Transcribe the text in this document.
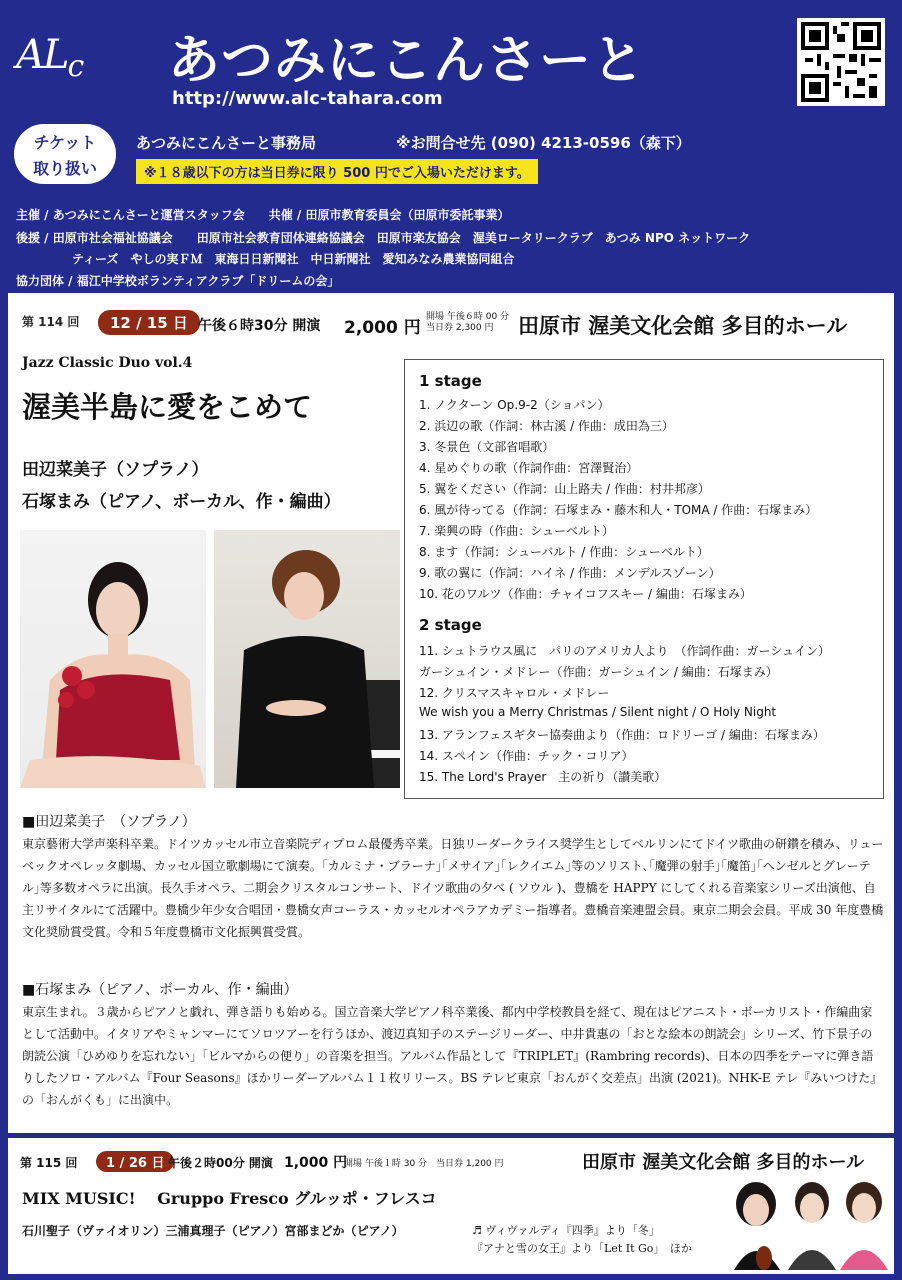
$AL_c$ あつみにこんさーと
http://www.alc-tahara.com
チケット
取り扱い
あつみにこんさーと事務局	※お問合せ先 (090) 4213-0596（森下）
※１８歳以下の方は当日券に限り 500 円でご入場いただけます。
主催 / あつみにこんさーと運営スタッフ会　　共催 / 田原市教育委員会（田原市委託事業）
後援 / 田原市社会福祉協議会　　田原市社会教育団体連絡協議会　田原市楽友協会　渥美ロータリークラブ　あつみ NPO ネットワーク
ティーズ　やしの実ＦＭ　東海日日新聞社　中日新聞社　愛知みなみ農業協同組合
協力団体 / 福江中学校ボランティアクラブ「ドリームの会」
第 114 回	12 / 15 日 午後６時30分 開演 2,000 円
開場 午後６時 00 分
当日券 2,300 円	田原市 渥美文化会館 多目的ホール
Jazz Classic Duo vol.4
渥美半島に愛をこめて
田辺菜美子（ソプラノ）
石塚まみ（ピアノ、ボーカル、作・編曲）
1 stage
1. ノクターン Op.9-2（ショパン）
2. 浜辺の歌（作詞：林古溪 / 作曲：成田為三）
3. 冬景色（文部省唱歌）
4. 星めぐりの歌（作詞作曲：宮澤賢治）
5. 翼をください（作詞：山上路夫 / 作曲：村井邦彦）
6. 風が待ってる（作詞：石塚まみ・藤木和人・TOMA / 作曲：石塚まみ）
7. 楽興の時（作曲：シューベルト）
8. ます（作詞：シューバルト / 作曲：シューベルト）
9. 歌の翼に（作詞：ハイネ / 作曲：メンデルスゾーン）
10. 花のワルツ（作曲：チャイコフスキー / 編曲：石塚まみ）
2 stage
11. シュトラウス風に　パリのアメリカ人より　（作詞作曲：ガーシュイン）
ガーシュイン・メドレー（作曲：ガーシュイン / 編曲：石塚まみ）
12. クリスマスキャロル・メドレー
We wish you a Merry Christmas / Silent night / O Holy Night
13. アランフェスギター協奏曲より（作曲：ロドリーゴ / 編曲：石塚まみ）
14. スペイン（作曲：チック・コリア）
15. The Lord's Prayer　主の祈り（讃美歌）
■田辺菜美子　（ソプラノ）
東京藝術大学声楽科卒業。ドイツカッセル市立音楽院ディプロム最優秀卒業。日独リーダークライス奨学生としてベルリンにてドイツ歌曲の研鑽を積み、リューベックオペレッタ劇場、カッセル国立歌劇場にて演奏。｢カルミナ・ブラーナ｣｢メサイア｣｢レクイエム｣等のソリスト､｢魔弾の射手｣｢魔笛｣｢ヘンゼルとグレーテル｣等多数オペラに出演。長久手オペラ、二期会クリスタルコンサート、ドイツ歌曲の夕べ ( ソウル )、豊橋を HAPPY にしてくれる音楽家シリーズ出演他、自主リサイタルにて活躍中。豊橋少年少女合唱団・豊橋女声コーラス・カッセルオペラアカデミー指導者。豊橋音楽連盟会員。東京二期会会員。平成 30 年度豊橋文化奨励賞受賞。令和５年度豊橋市文化振興賞受賞。
■石塚まみ（ピアノ、ボーカル、作・編曲）
東京生まれ。３歳からピアノと戯れ、弾き語りも始める。国立音楽大学ピアノ科卒業後、都内中学校教員を経て、現在はピアニスト・ボーカリスト・作編曲家として活動中。イタリアやミャンマーにてソロツアーを行うほか、渡辺真知子のステージリーダー、中井貴惠の「おとな絵本の朗読会」シリーズ、竹下景子の朗読公演「ひめゆりを忘れない」「ビルマからの便り」の音楽を担当。アルバム作品として『TRIPLET』(Rambring records)、日本の四季をテーマに弾き語りしたソロ・アルバム『Four Seasons』ほかリーダーアルバム１１枚リリース。BS テレビ東京「おんがく交差点」出演 (2021)。NHK-E テレ『みいつけた』の「おんがくも」に出演中。
第 115 回	1 / 26 日 午後２時00分 開演 1,000 円
開場 午後１時 30 分　当日券 1,200 円	田原市 渥美文化会館 多目的ホール
MIX MUSIC!　 Gruppo Fresco グルッポ・フレスコ
石川聖子（ヴァイオリン）三浦真理子（ピアノ）宮部まどか（ピアノ）	♬ ヴィヴァルディ『四季』より「冬」
『アナと雪の女王』より「Let It Go」　ほか
